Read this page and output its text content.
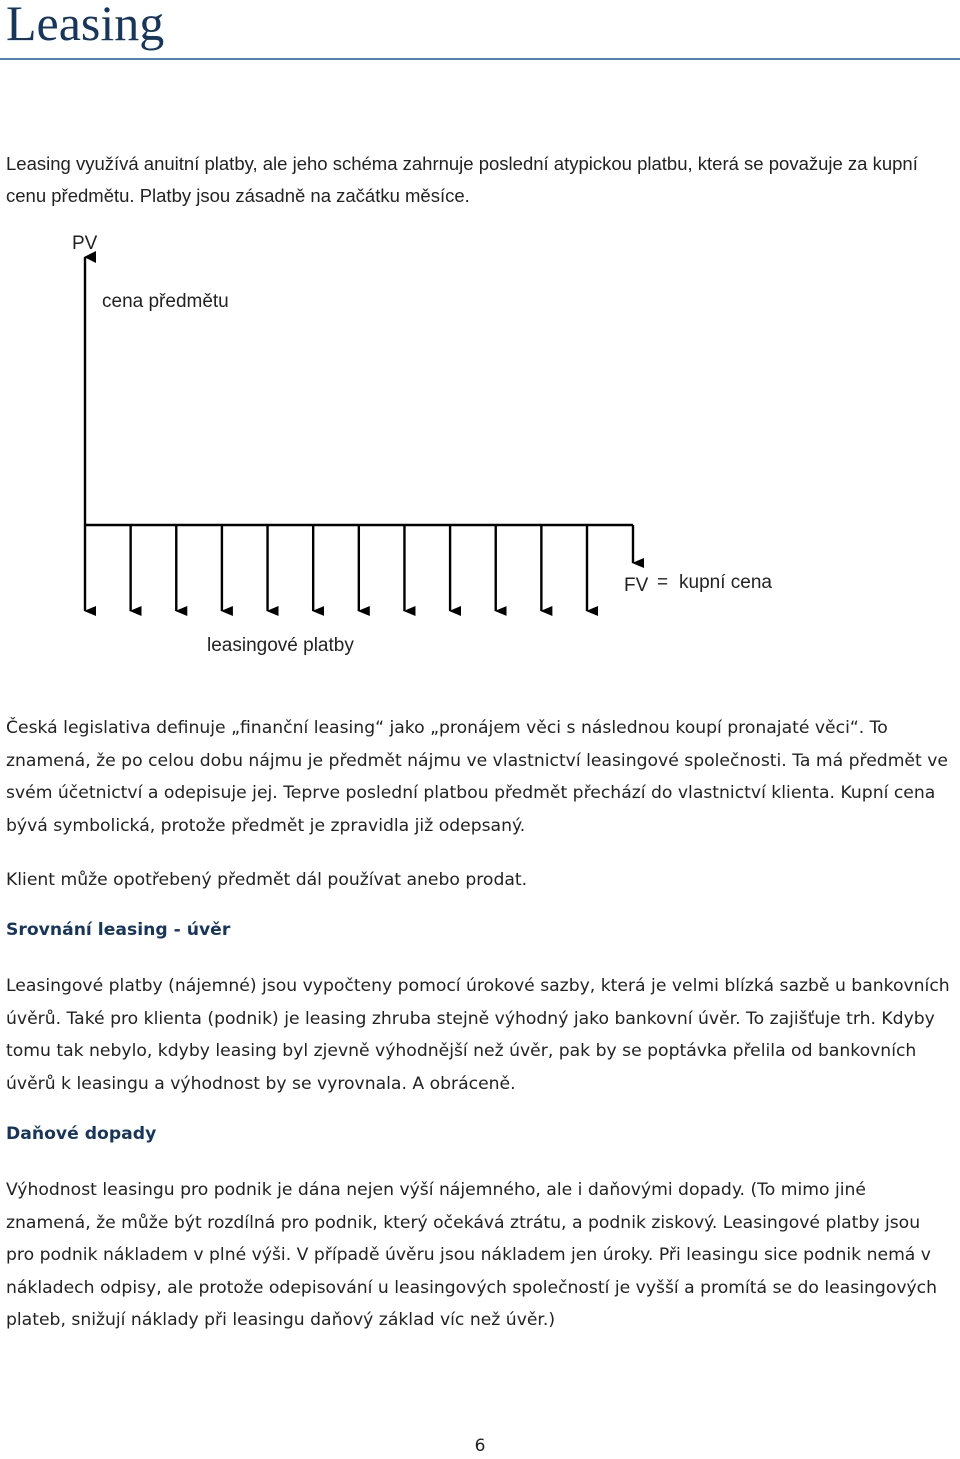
Leasing

Leasing využívá anuitní platby, ale jeho schéma zahrnuje poslední atypickou platbu, která se považuje za kupní cenu předmětu. Platby jsou zásadně na začátku měsíce.

PV
cena předmětu
FV = kupní cena
leasingové platby

Česká legislativa definuje „finanční leasing“ jako „pronájem věci s následnou koupí pronajaté věci“. To znamená, že po celou dobu nájmu je předmět nájmu ve vlastnictví leasingové společnosti. Ta má předmět ve svém účetnictví a odepisuje jej. Teprve poslední platbou předmět přechází do vlastnictví klienta. Kupní cena bývá symbolická, protože předmět je zpravidla již odepsaný.

Klient může opotřebený předmět dál používat anebo prodat.

Srovnání leasing - úvěr

Leasingové platby (nájemné) jsou vypočteny pomocí úrokové sazby, která je velmi blízká sazbě u bankovních úvěrů. Také pro klienta (podnik) je leasing zhruba stejně výhodný jako bankovní úvěr. To zajišťuje trh. Kdyby tomu tak nebylo, kdyby leasing byl zjevně výhodnější než úvěr, pak by se poptávka přelila od bankovních úvěrů k leasingu a výhodnost by se vyrovnala. A obráceně.

Daňové dopady

Výhodnost leasingu pro podnik je dána nejen výší nájemného, ale i daňovými dopady. (To mimo jiné znamená, že může být rozdílná pro podnik, který očekává ztrátu, a podnik ziskový. Leasingové platby jsou pro podnik nákladem v plné výši. V případě úvěru jsou nákladem jen úroky. Při leasingu sice podnik nemá v nákladech odpisy, ale protože odepisování u leasingových společností je vyšší a promítá se do leasingových plateb, snižují náklady při leasingu daňový základ víc než úvěr.)

6
